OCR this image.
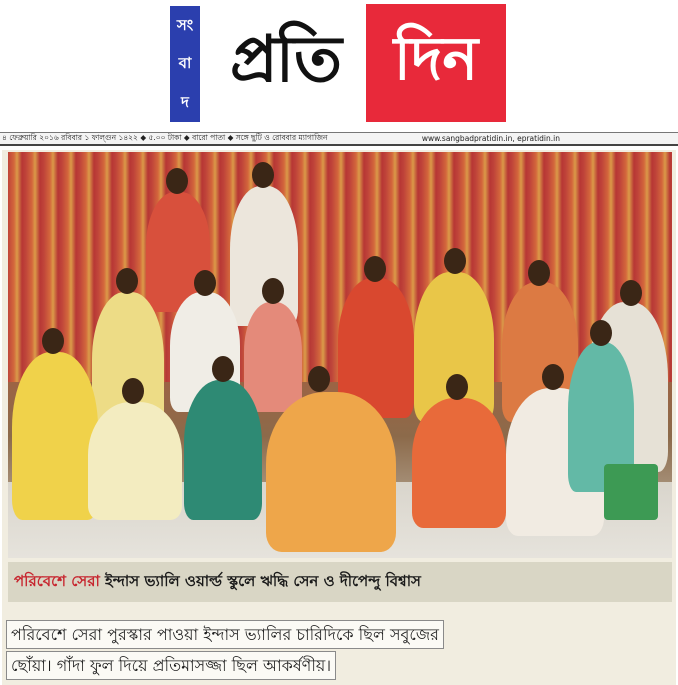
সং
বা
দ
প্রতি দিন
৪ ফেব্রুয়ারি ২০১৬ রবিবার ১ ফাল্গুন ১৪২২ ◆ ৫.০০ টাকা ◆ বারো পাতা ◆ সঙ্গে ছুটি ও রোববার ম্যাগাজিন	www.sangbadpratidin.in, epratidin.in
পরিবেশে সেরা ইন্দাস ভ্যালি ওয়ার্ল্ড স্কুলে ঋদ্ধি সেন ও দীপেন্দু বিশ্বাস
পরিবেশে সেরা পুরস্কার পাওয়া ইন্দাস ভ্যালির চারিদিকে ছিল সবুজের
ছোঁয়া। গাঁদা ফুল দিয়ে প্রতিমাসজ্জা ছিল আকর্ষণীয়।
